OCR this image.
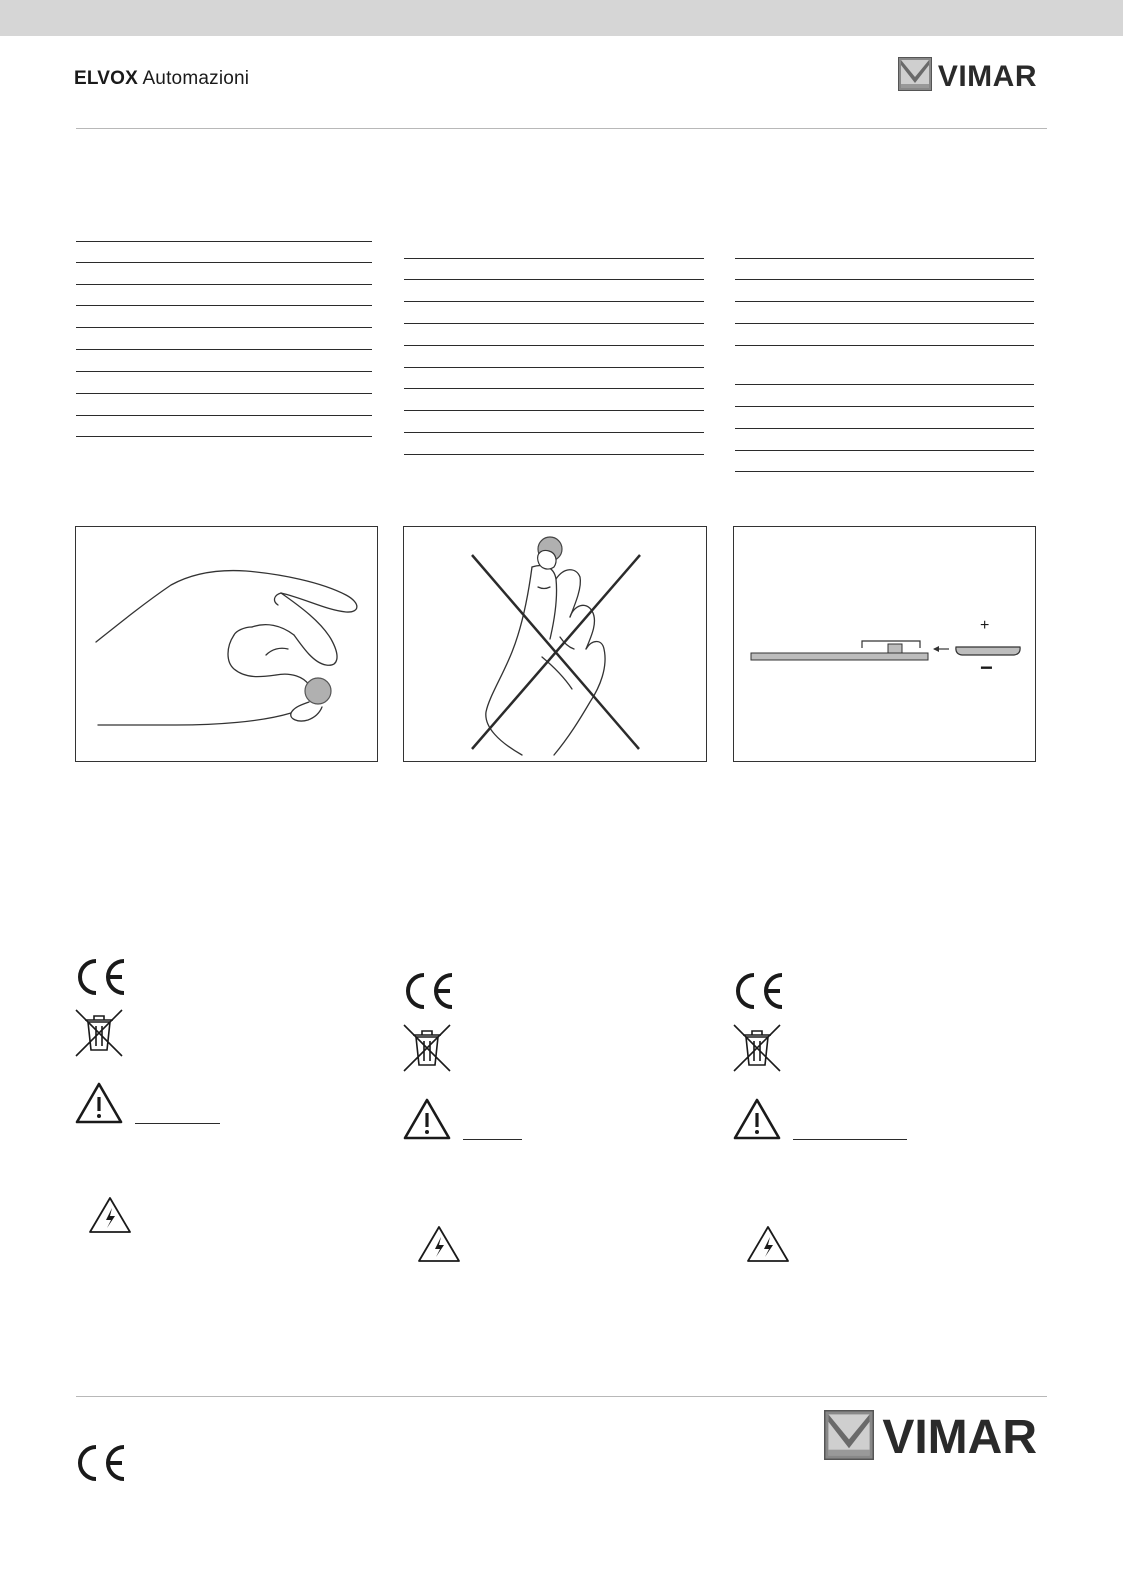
ELVOX Automazioni	VIMAR
+
−
VIMAR
